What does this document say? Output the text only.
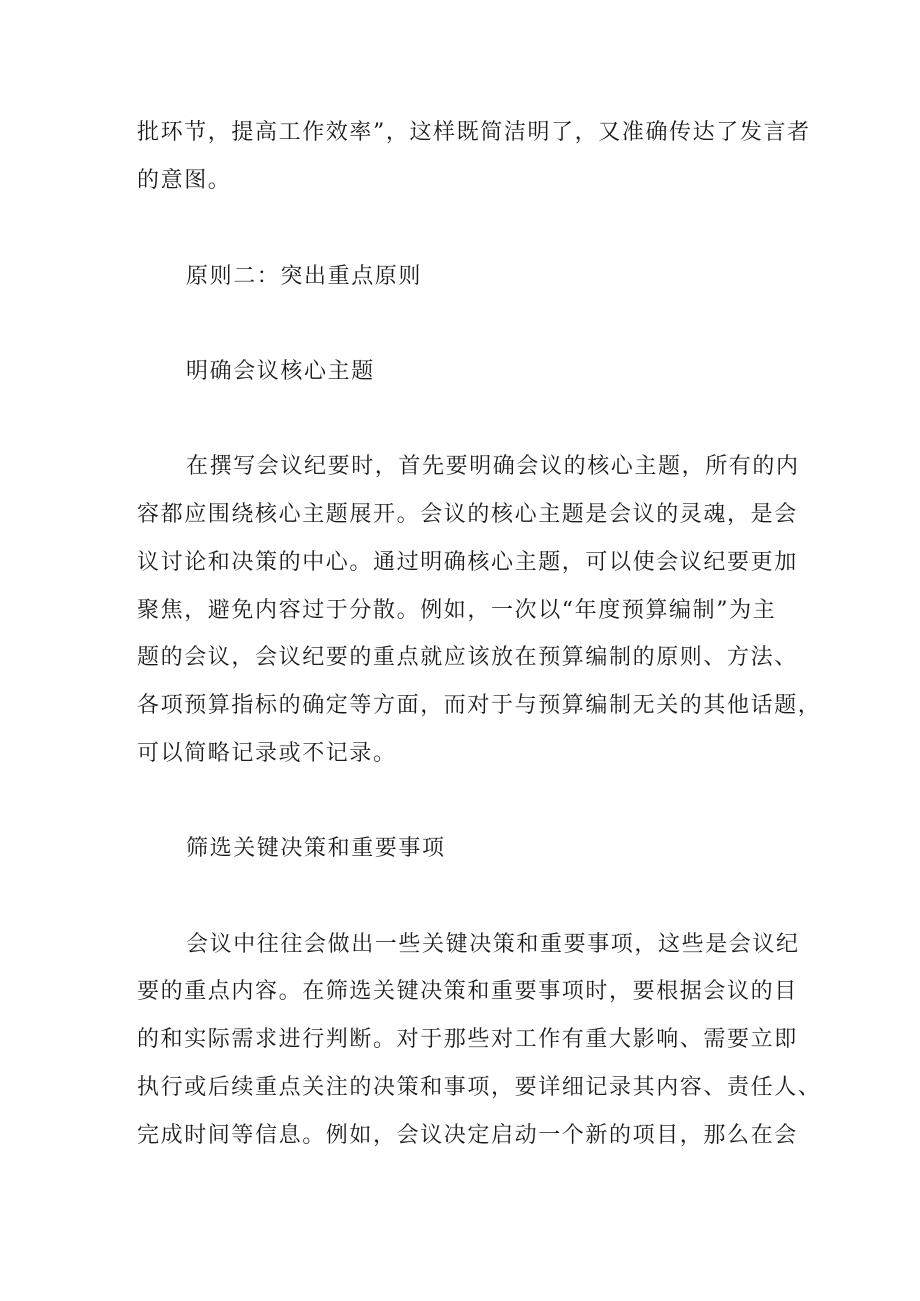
批环节，提高工作效率”，这样既简洁明了，又准确传达了发言者
的意图。
原则二：突出重点原则
明确会议核心主题
在撰写会议纪要时，首先要明确会议的核心主题，所有的内
容都应围绕核心主题展开。会议的核心主题是会议的灵魂，是会
议讨论和决策的中心。通过明确核心主题，可以使会议纪要更加
聚焦，避免内容过于分散。例如，一次以“年度预算编制”为主
题的会议，会议纪要的重点就应该放在预算编制的原则、方法、
各项预算指标的确定等方面，而对于与预算编制无关的其他话题，
可以简略记录或不记录。
筛选关键决策和重要事项
会议中往往会做出一些关键决策和重要事项，这些是会议纪
要的重点内容。在筛选关键决策和重要事项时，要根据会议的目
的和实际需求进行判断。对于那些对工作有重大影响、需要立即
执行或后续重点关注的决策和事项，要详细记录其内容、责任人、
完成时间等信息。例如，会议决定启动一个新的项目，那么在会
